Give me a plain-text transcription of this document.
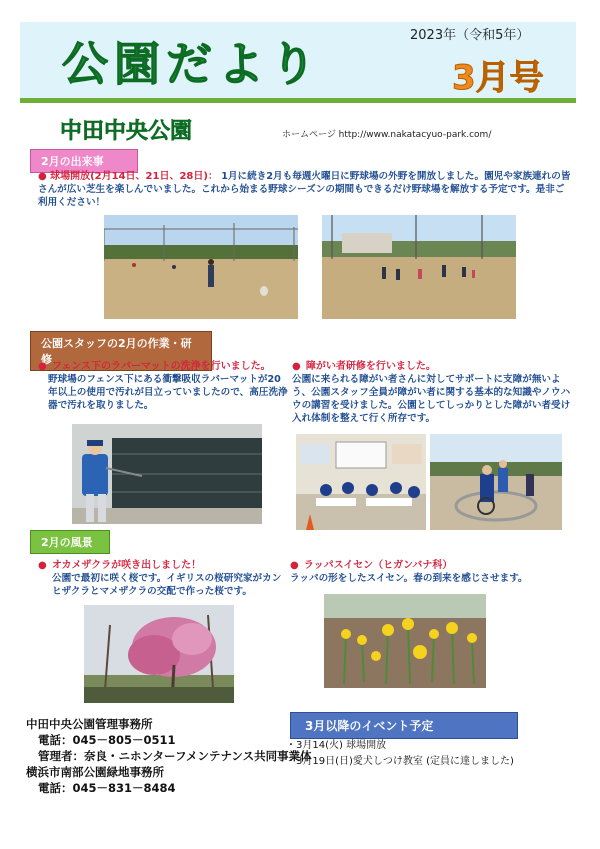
公園だより
2023年（令和5年）
3月号
中田中央公園	ホームページ http://www.nakatacyuo-park.com/
2月の出来事
● 球場開放(2月14日、21日、28日)： 1月に続き2月も毎週火曜日に野球場の外野を開放しました。園児や家族連れの皆さんが広い芝生を楽しんでいました。これから始まる野球シーズンの期間もできるだけ野球場を解放する予定です。是非ご利用ください！
公園スタッフの2月の作業・研修
● フェンス下のラバーマットの洗浄を行いました。
野球場のフェンス下にある衝撃吸収ラバーマットが20年以上の使用で汚れが目立っていましたので、高圧洗浄器で汚れを取りました。
● 障がい者研修を行いました。
公園に来られる障がい者さんに対してサポートに支障が無いよう、公園スタッフ全員が障がい者に関する基本的な知識やノウハウの講習を受けました。公園としてしっかりとした障がい者受け入れ体制を整えて行く所存です。
2月の風景
● オカメザクラが咲き出しました！
公園で最初に咲く桜です。イギリスの桜研究家がカンヒザクラとマメザクラの交配で作った桜です。
● ラッパスイセン（ヒガンバナ科）
ラッパの形をしたスイセン。春の到来を感じさせます。
中田中央公園管理事務所
電話：045－805－0511
管理者：奈良・ニホンターフメンテナンス共同事業体
横浜市南部公園緑地事務所
電話：045－831－8484
3月以降のイベント予定
・3月14(火) 球場開放
・3月19日(日)愛犬しつけ教室 (定員に達しました)
